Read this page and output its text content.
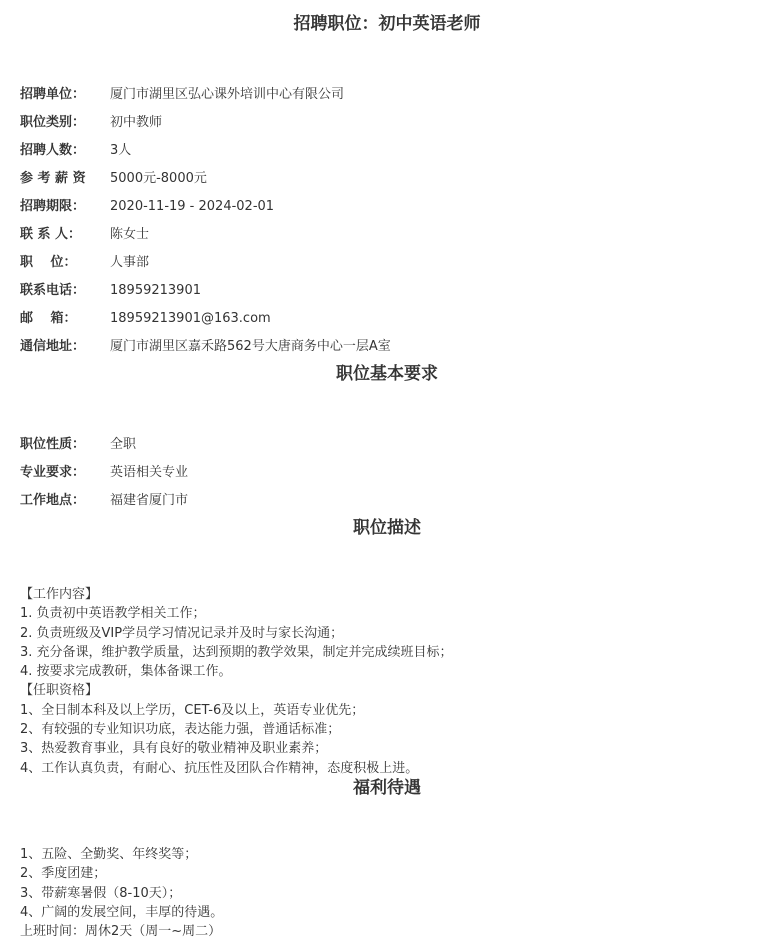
招聘职位：初中英语老师
招聘单位： 厦门市湖里区弘心课外培训中心有限公司
职位类别： 初中教师
招聘人数： 3人
参 考 薪 资 5000元-8000元
招聘期限： 2020-11-19 - 2024-02-01
联 系 人： 陈女士
职　 位：	人事部
联系电话： 18959213901
邮　 箱：	18959213901@163.com
通信地址： 厦门市湖里区嘉禾路562号大唐商务中心一层A室
职位基本要求
职位性质： 全职
专业要求： 英语相关专业
工作地点： 福建省厦门市
职位描述
【工作内容】
1. 负责初中英语教学相关工作；
2. 负责班级及VIP学员学习情况记录并及时与家长沟通；
3. 充分备课，维护教学质量，达到预期的教学效果，制定并完成续班目标；
4. 按要求完成教研，集体备课工作。
【任职资格】
1、全日制本科及以上学历，CET-6及以上，英语专业优先；
2、有较强的专业知识功底，表达能力强，普通话标准；
3、热爱教育事业，具有良好的敬业精神及职业素养；
4、工作认真负责，有耐心、抗压性及团队合作精神，态度积极上进。
福利待遇
1、五险、全勤奖、年终奖等；
2、季度团建；
3、带薪寒暑假（8-10天）；
4、广阔的发展空间，丰厚的待遇。
上班时间：周休2天（周一~周二）
